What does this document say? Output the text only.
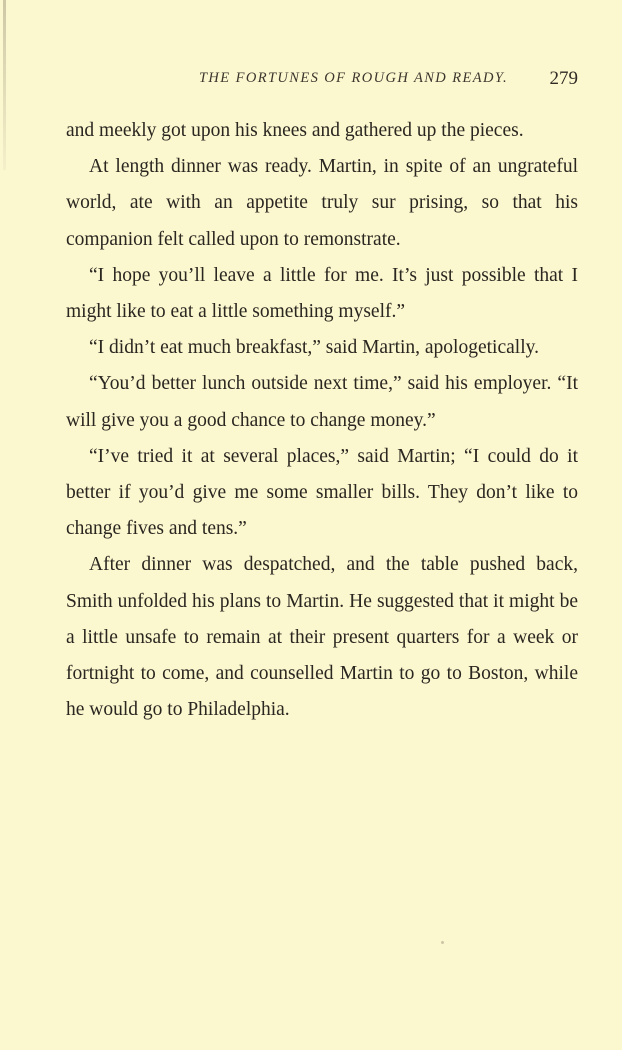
THE FORTUNES OF ROUGH AND READY. 279

and meekly got upon his knees and gathered up the pieces.

At length dinner was ready. Martin, in spite of an ungrateful world, ate with an appetite truly sur prising, so that his companion felt called upon to remonstrate.

“I hope you’ll leave a little for me. It’s just possible that I might like to eat a little something myself.”

“I didn’t eat much breakfast,” said Martin, apologetically.

“You’d better lunch outside next time,” said his employer. “It will give you a good chance to change money.”

“I’ve tried it at several places,” said Martin; “I could do it better if you’d give me some smaller bills. They don’t like to change fives and tens.”

After dinner was despatched, and the table pushed back, Smith unfolded his plans to Martin. He suggested that it might be a little unsafe to remain at their present quarters for a week or fortnight to come, and counselled Martin to go to Boston, while he would go to Philadelphia.
